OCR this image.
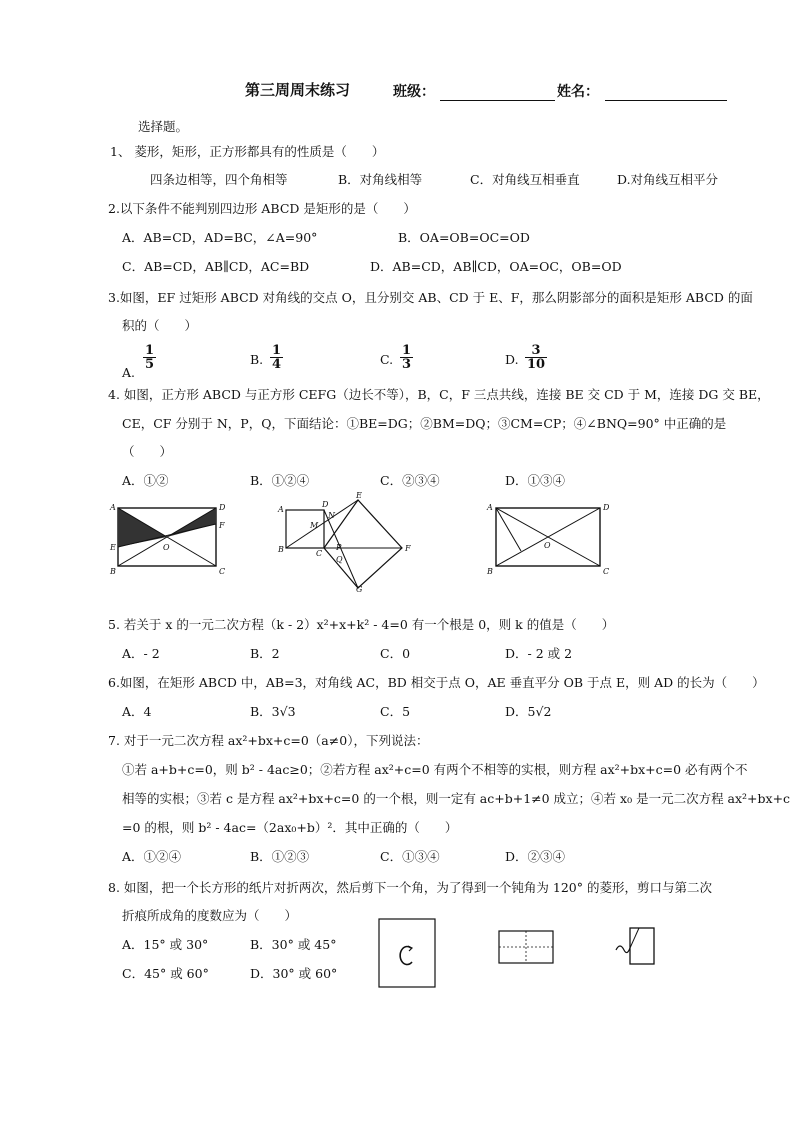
第三周周末练习	班级：	姓名：
选择题。
1、 菱形，矩形，正方形都具有的性质是（　　）
四条边相等，四个角相等	B．对角线相等	C．对角线互相垂直	D.对角线互相平分
2.以下条件不能判别四边形 ABCD 是矩形的是（　　）
A．AB=CD，AD=BC，∠A=90°	B．OA=OB=OC=OD
C．AB=CD，AB∥CD，AC=BD	D．AB=CD，AB∥CD，OA=OC，OB=OD
3.如图，EF 过矩形 ABCD 对角线的交点 O，且分别交 AB、CD 于 E、F，那么阴影部分的面积是矩形 ABCD 的面
积的（　　）
A.
$\frac{1}{5}$	B. $\frac{1}{4}$	C. $\frac{1}{3}$	D. $\frac{3}{10}$
4. 如图，正方形 ABCD 与正方形 CEFG（边长不等），B，C，F 三点共线，连接 BE 交 CD 于 M，连接 DG 交 BE，
CE，CF 分别于 N，P，Q，下面结论：①BE=DG；②BM=DQ；③CM=CP；④∠BNQ=90° 中正确的是
（　　）
A．①②	B．①②④	C．②③④	D．①③④
A	D
F
E	O
B	C
A
E
D
N
M
F
B	C
P
Q
G
A	D
O
B	C
5. 若关于 x 的一元二次方程（k - 2）x²+x+k² - 4=0 有一个根是 0，则 k 的值是（　　）
A．- 2	B．2	C．0	D．- 2 或 2
6.如图，在矩形 ABCD 中，AB=3，对角线 AC，BD 相交于点 O，AE 垂直平分 OB 于点 E，则 AD 的长为（　　）
A．4	B．3√3	C．5	D．5√2
7. 对于一元二次方程 ax²+bx+c=0（a≠0），下列说法：
①若 a+b+c=0，则 b² - 4ac≥0；②若方程 ax²+c=0 有两个不相等的实根，则方程 ax²+bx+c=0 必有两个不
相等的实根；③若 c 是方程 ax²+bx+c=0 的一个根，则一定有 ac+b+1≠0 成立；④若 x₀ 是一元二次方程 ax²+bx+c
=0 的根，则 b² - 4ac=（2ax₀+b）²．其中正确的（　　）
A．①②④	B．①②③	C．①③④	D．②③④
8. 如图，把一个长方形的纸片对折两次，然后剪下一个角，为了得到一个钝角为 120° 的菱形，剪口与第二次
折痕所成角的度数应为（　　）
A．15° 或 30°	B．30° 或 45°
C．45° 或 60°	D．30° 或 60°
